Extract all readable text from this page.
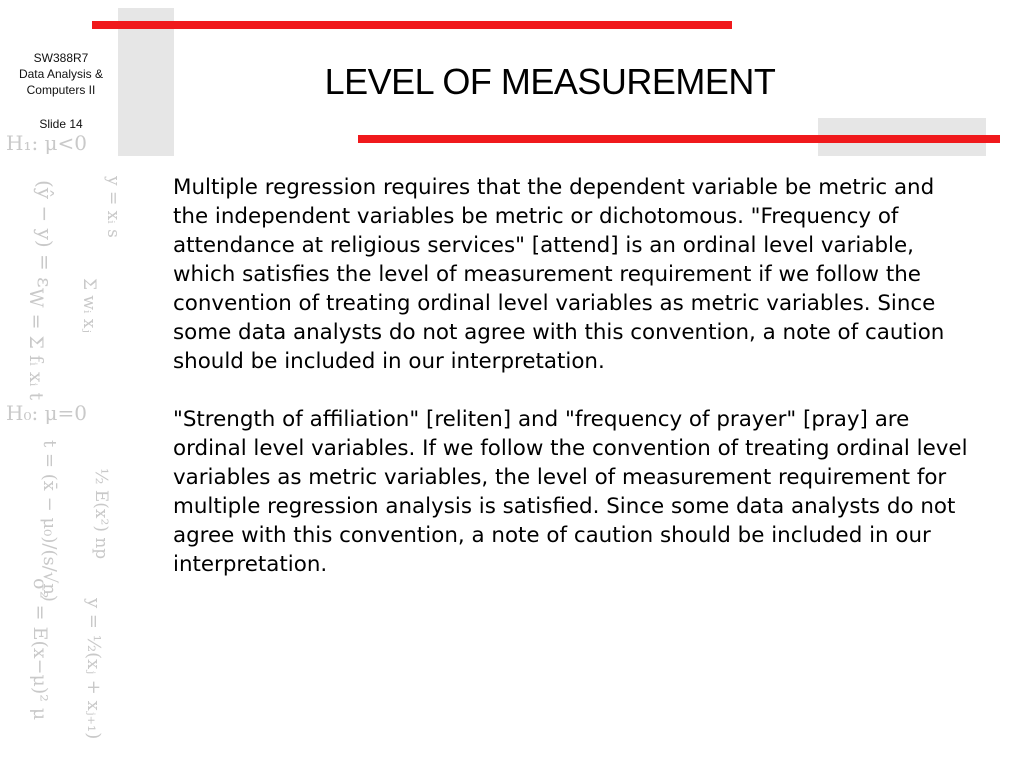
SW388R7
Data Analysis &
Computers II
Slide 14
H₁: μ<0
y = xᵢ s
(ŷ − y) = ε
Σ wᵢ xⱼ
W = Σ fᵢ xᵢ t
H₀: μ=0
t = (x̄ − μ₀)/(s/√n) ½ E(x²) np
σ² = E(x−μ)² μ y = ½(xⱼ + xⱼ₊₁)
LEVEL OF MEASUREMENT

Multiple regression requires that the dependent variable be metric and the independent variables be metric or dichotomous. "Frequency of attendance at religious services" [attend] is an ordinal level variable, which satisfies the level of measurement requirement if we follow the convention of treating ordinal level variables as metric variables. Since some data analysts do not agree with this convention, a note of caution should be included in our interpretation.

"Strength of affiliation" [reliten] and "frequency of prayer" [pray] are ordinal level variables. If we follow the convention of treating ordinal level variables as metric variables, the level of measurement requirement for multiple regression analysis is satisfied. Since some data analysts do not agree with this convention, a note of caution should be included in our interpretation.
